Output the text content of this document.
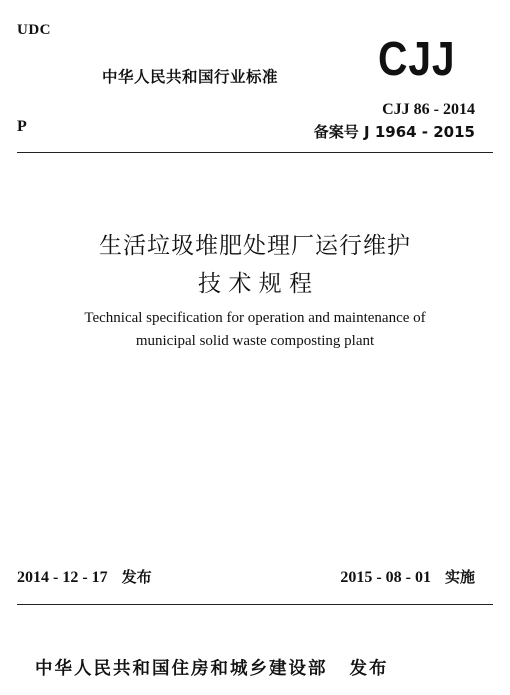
UDC
中华人民共和国行业标准 CJJ
CJJ 86 - 2014
P	备案号 J 1964 - 2015
生活垃圾堆肥处理厂运行维护
技 术 规 程
Technical specification for operation and maintenance of
municipal solid waste composting plant
2014 - 12 - 17 发布	2015 - 08 - 01 实施
中华人民共和国住房和城乡建设部 发布
